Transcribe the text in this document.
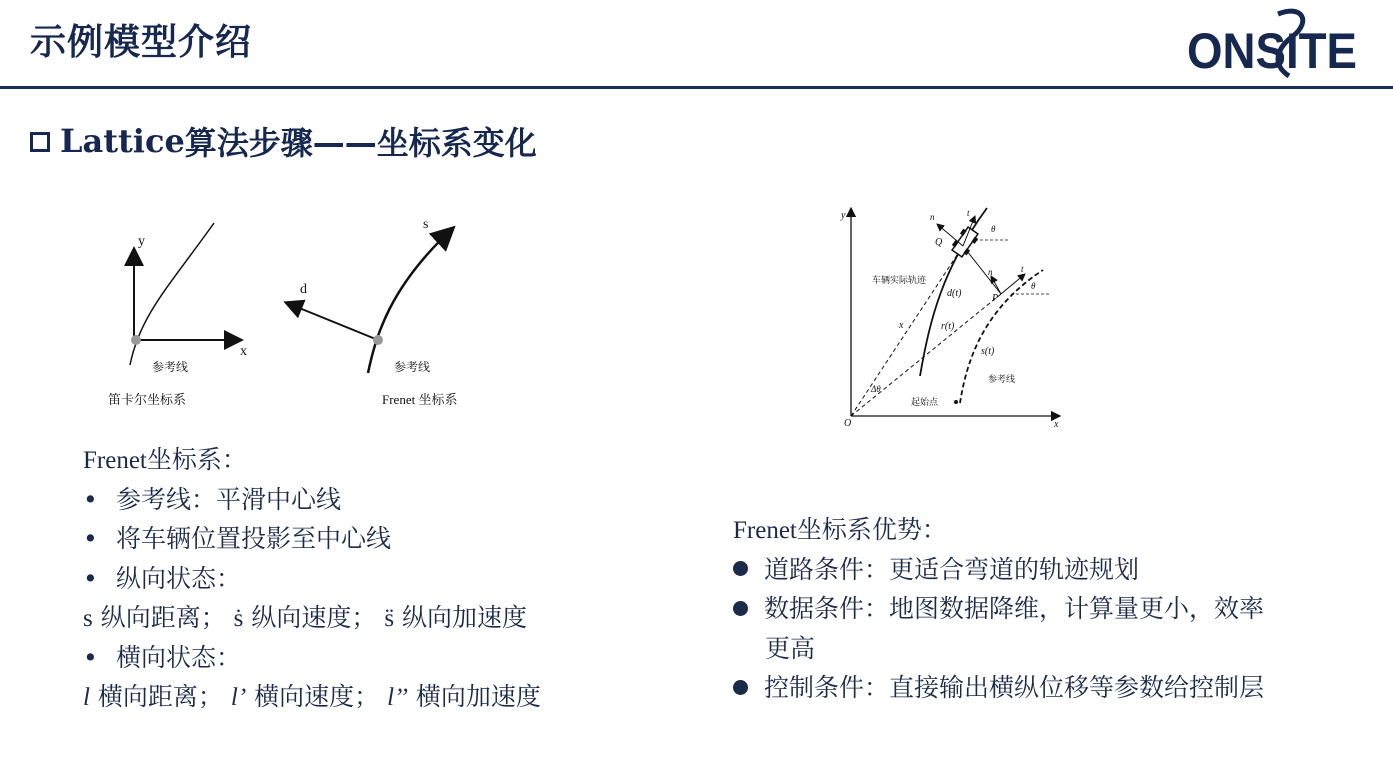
示例模型介绍	ONSITE
Lattice 算法步骤——坐标系变化
y
x
参考线
笛卡尔坐标系
s
d
参考线
Frenet 坐标系
y
x
O
n	t
θ
Q
n	t
θ
P
车辆实际轨迹
d(t)
r(t)
x
s(t)
参考线
Δθ
起始点
Frenet坐标系：
• 参考线：平滑中心线
• 将车辆位置投影至中心线
• 纵向状态：
s 纵向距离； ṡ 纵向速度； s̈ 纵向加速度
• 横向状态：
l 横向距离； l’ 横向速度； l’’ 横向加速度
Frenet坐标系优势：
道路条件：更适合弯道的轨迹规划
数据条件：地图数据降维，计算量更小，效率
更高
控制条件：直接输出横纵位移等参数给控制层
